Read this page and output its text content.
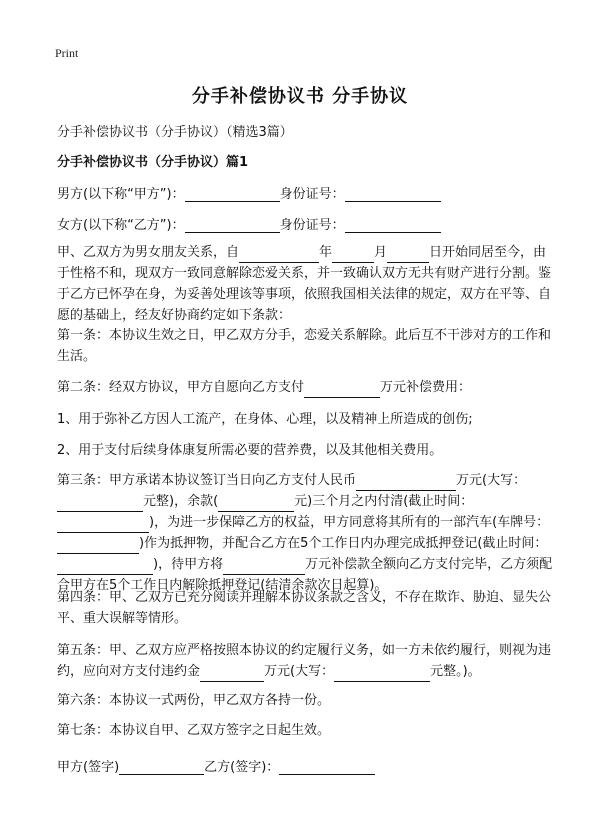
Print
分手补偿协议书 分手协议
分手补偿协议书（分手协议）（精选3篇）
分手补偿协议书（分手协议）篇1
男方(以下称“甲方”)：	身份证号：
女方(以下称“乙方”)：	身份证号：
甲、乙双方为男女朋友关系，自	年	月	日开始同居至今，由于性格不和，现双方一致同意解除恋爱关系，并一致确认双方无共有财产进行分割。鉴于乙方已怀孕在身，为妥善处理该等事项，依照我国相关法律的规定，双方在平等、自愿的基础上，经友好协商约定如下条款：
第一条：本协议生效之日，甲乙双方分手，恋爱关系解除。此后互不干涉对方的工作和生活。
第二条：经双方协议，甲方自愿向乙方支付	万元补偿费用：
1、用于弥补乙方因人工流产，在身体、心理，以及精神上所造成的创伤;
2、用于支付后续身体康复所需必要的营养费，以及其他相关费用。
第三条：甲方承诺本协议签订当日向乙方支付人民币	万元(大写：元整)，余款(	元)三个月之内付清(截止时间：)，为进一步保障乙方的权益，甲方同意将其所有的一部汽车(车牌号：)作为抵押物，并配合乙方在5个工作日内办理完成抵押登记(截止时间：)，待甲方将	万元补偿款全额向乙方支付完毕，乙方须配合甲方在5个工作日内解除抵押登记(结清余款次日起算)。
第四条：甲、乙双方已充分阅读并理解本协议条款之含义，不存在欺诈、胁迫、显失公平、重大误解等情形。
第五条：甲、乙双方应严格按照本协议的约定履行义务，如一方未依约履行，则视为违约，应向对方支付违约金	万元(大写：	元整。)。
第六条：本协议一式两份，甲乙双方各持一份。
第七条：本协议自甲、乙双方签字之日起生效。
甲方(签字)	乙方(签字)：
